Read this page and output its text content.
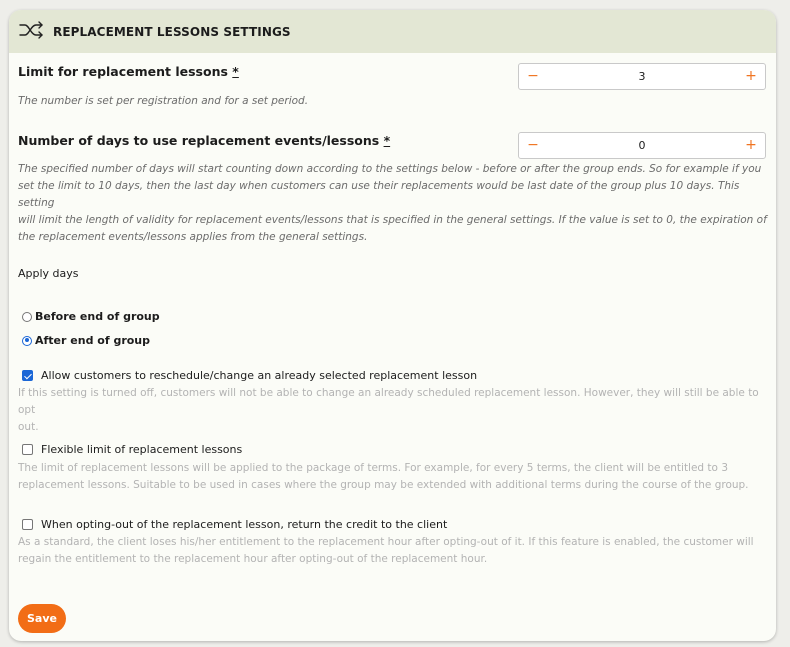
REPLACEMENT LESSONS SETTINGS
Limit for replacement lessons *	−	3	+
The number is set per registration and for a set period.
Number of days to use replacement events/lessons *	−	0	+
The specified number of days will start counting down according to the settings below - before or after the group ends. So for example if you
set the limit to 10 days, then the last day when customers can use their replacements would be last date of the group plus 10 days. This setting
will limit the length of validity for replacement events/lessons that is specified in the general settings. If the value is set to 0, the expiration of
the replacement events/lessons applies from the general settings.
Apply days
Before end of group
After end of group
Allow customers to reschedule/change an already selected replacement lesson
If this setting is turned off, customers will not be able to change an already scheduled replacement lesson. However, they will still be able to opt
out.
Flexible limit of replacement lessons
The limit of replacement lessons will be applied to the package of terms. For example, for every 5 terms, the client will be entitled to 3
replacement lessons. Suitable to be used in cases where the group may be extended with additional terms during the course of the group.
When opting-out of the replacement lesson, return the credit to the client
As a standard, the client loses his/her entitlement to the replacement hour after opting-out of it. If this feature is enabled, the customer will
regain the entitlement to the replacement hour after opting-out of the replacement hour.
Save
